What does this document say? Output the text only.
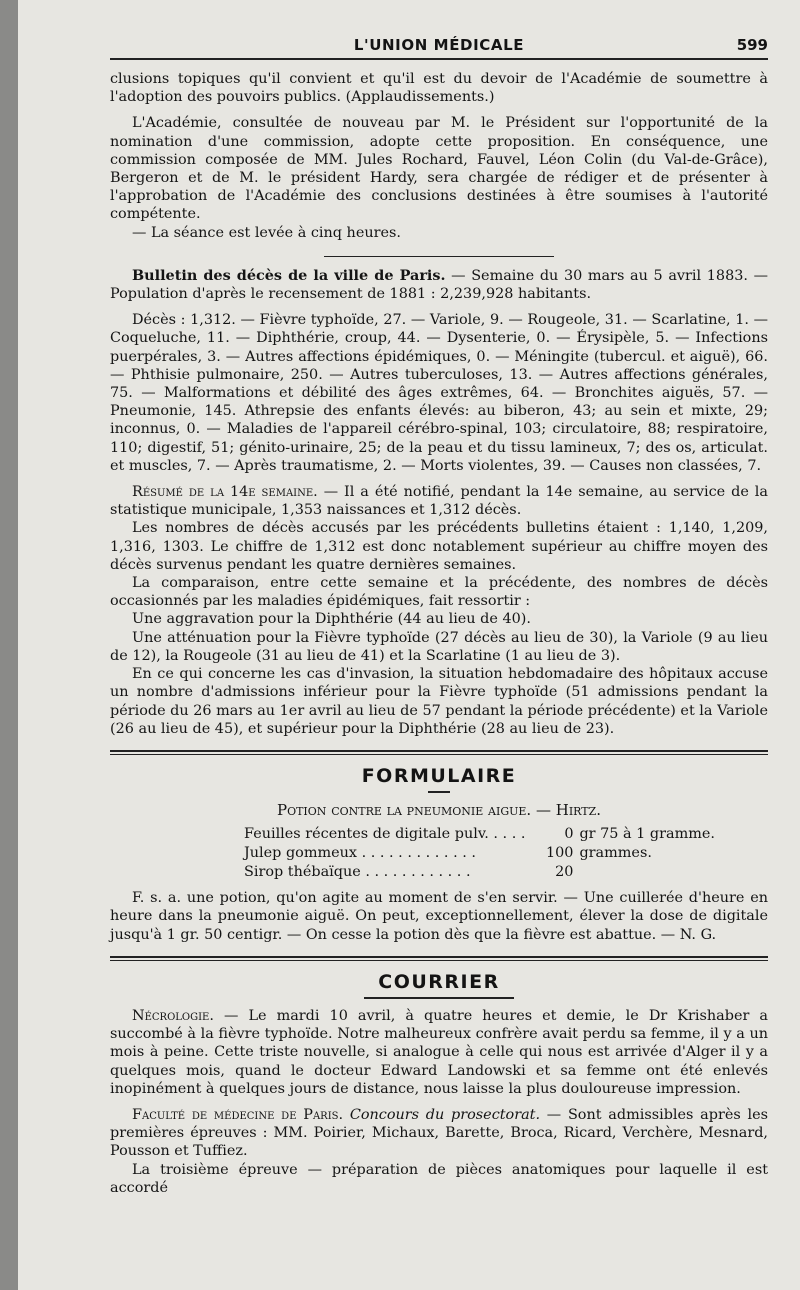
L'UNION MÉDICALE	599

clusions topiques qu'il convient et qu'il est du devoir de l'Académie de soumettre à l'adoption des pouvoirs publics. (Applaudissements.)

L'Académie, consultée de nouveau par M. le Président sur l'opportunité de la nomination d'une commission, adopte cette proposition. En conséquence, une commission composée de MM. Jules Rochard, Fauvel, Léon Colin (du Val-de-Grâce), Bergeron et de M. le président Hardy, sera chargée de rédiger et de présenter à l'approbation de l'Académie des conclusions destinées à être soumises à l'autorité compétente.

— La séance est levée à cinq heures.

Bulletin des décès de la ville de Paris. — Semaine du 30 mars au 5 avril 1883. — Population d'après le recensement de 1881 : 2,239,928 habitants.

Décès : 1,312. — Fièvre typhoïde, 27. — Variole, 9. — Rougeole, 31. — Scarlatine, 1. — Coqueluche, 11. — Diphthérie, croup, 44. — Dysenterie, 0. — Érysipèle, 5. — Infections puerpérales, 3. — Autres affections épidémiques, 0. — Méningite (tubercul. et aiguë), 66. — Phthisie pulmonaire, 250. — Autres tuberculoses, 13. — Autres affections générales, 75. — Malformations et débilité des âges extrêmes, 64. — Bronchites aiguës, 57. — Pneumonie, 145. Athrepsie des enfants élevés: au biberon, 43; au sein et mixte, 29; inconnus, 0. — Maladies de l'appareil cérébro-spinal, 103; circulatoire, 88; respiratoire, 110; digestif, 51; génito-urinaire, 25; de la peau et du tissu lamineux, 7; des os, articulat. et muscles, 7. — Après traumatisme, 2. — Morts violentes, 39. — Causes non classées, 7.

Résumé de la 14e semaine. — Il a été notifié, pendant la 14e semaine, au service de la statistique municipale, 1,353 naissances et 1,312 décès.

Les nombres de décès accusés par les précédents bulletins étaient : 1,140, 1,209, 1,316, 1303. Le chiffre de 1,312 est donc notablement supérieur au chiffre moyen des décès survenus pendant les quatre dernières semaines.

La comparaison, entre cette semaine et la précédente, des nombres de décès occasionnés par les maladies épidémiques, fait ressortir :

Une aggravation pour la Diphthérie (44 au lieu de 40).

Une atténuation pour la Fièvre typhoïde (27 décès au lieu de 30), la Variole (9 au lieu de 12), la Rougeole (31 au lieu de 41) et la Scarlatine (1 au lieu de 3).

En ce qui concerne les cas d'invasion, la situation hebdomadaire des hôpitaux accuse un nombre d'admissions inférieur pour la Fièvre typhoïde (51 admissions pendant la période du 26 mars au 1er avril au lieu de 57 pendant la période précédente) et la Variole (26 au lieu de 45), et supérieur pour la Diphthérie (28 au lieu de 23).

FORMULAIRE

Potion contre la pneumonie aigue. — Hirtz.

Feuilles récentes de digitale pulv. . . . .	0	gr 75 à 1 gramme.
Julep gommeux . . . . . . . . . . . . .	100	grammes.
Sirop thébaïque . . . . . . . . . . . .	20	

F. s. a. une potion, qu'on agite au moment de s'en servir. — Une cuillerée d'heure en heure dans la pneumonie aiguë. On peut, exceptionnellement, élever la dose de digitale jusqu'à 1 gr. 50 centigr. — On cesse la potion dès que la fièvre est abattue. — N. G.

COURRIER

Nécrologie. — Le mardi 10 avril, à quatre heures et demie, le Dr Krishaber a succombé à la fièvre typhoïde. Notre malheureux confrère avait perdu sa femme, il y a un mois à peine. Cette triste nouvelle, si analogue à celle qui nous est arrivée d'Alger il y a quelques mois, quand le docteur Edward Landowski et sa femme ont été enlevés inopinément à quelques jours de distance, nous laisse la plus douloureuse impression.

Faculté de médecine de Paris. Concours du prosectorat. — Sont admissibles après les premières épreuves : MM. Poirier, Michaux, Barette, Broca, Ricard, Verchère, Mesnard, Pousson et Tuffiez.

La troisième épreuve — préparation de pièces anatomiques pour laquelle il est accordé
